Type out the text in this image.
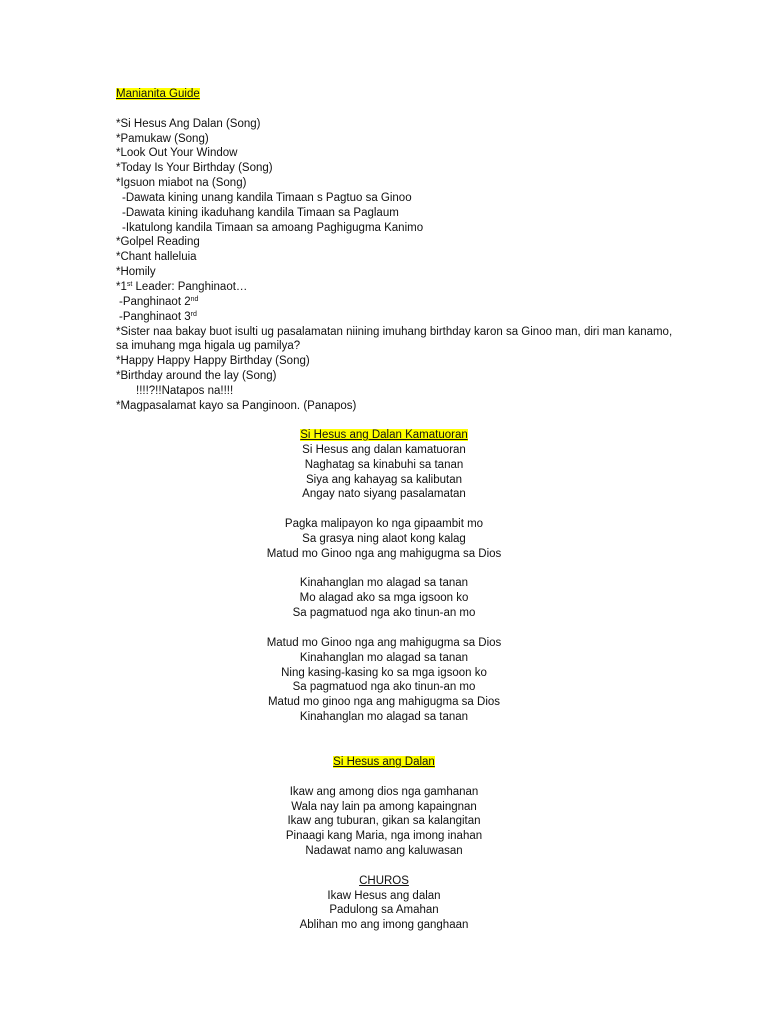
Manianita Guide
*Si Hesus Ang Dalan (Song)
*Pamukaw (Song)
*Look Out Your Window
*Today Is Your Birthday (Song)
*Igsuon miabot na (Song)
-Dawata kining unang kandila Timaan s Pagtuo sa Ginoo
-Dawata kining ikaduhang kandila Timaan sa Paglaum
-Ikatulong kandila Timaan sa amoang Paghigugma Kanimo
*Golpel Reading
*Chant halleluia
*Homily
*1st Leader: Panghinaot…
-Panghinaot 2nd
-Panghinaot 3rd
*Sister naa bakay buot isulti ug pasalamatan niining imuhang birthday karon sa Ginoo man, diri man kanamo, sa imuhang mga higala ug pamilya?
*Happy Happy Happy Birthday (Song)
*Birthday around the lay (Song)
!!!!?!!Natapos na!!!!
*Magpasalamat kayo sa Panginoon. (Panapos)
Si Hesus ang Dalan Kamatuoran
Si Hesus ang dalan kamatuoran
Naghatag sa kinabuhi sa tanan
Siya ang kahayag sa kalibutan
Angay nato siyang pasalamatan
Pagka malipayon ko nga gipaambit mo
Sa grasya ning alaot kong kalag
Matud mo Ginoo nga ang mahigugma sa Dios
Kinahanglan mo alagad sa tanan
Mo alagad ako sa mga igsoon ko
Sa pagmatuod nga ako tinun-an mo
Matud mo Ginoo nga ang mahigugma sa Dios
Kinahanglan mo alagad sa tanan
Ning kasing-kasing ko sa mga igsoon ko
Sa pagmatuod nga ako tinun-an mo
Matud mo ginoo nga ang mahigugma sa Dios
Kinahanglan mo alagad sa tanan
Si Hesus ang Dalan
Ikaw ang among dios nga gamhanan
Wala nay lain pa among kapaingnan
Ikaw ang tuburan, gikan sa kalangitan
Pinaagi kang Maria, nga imong inahan
Nadawat namo ang kaluwasan
CHUROS
Ikaw Hesus ang dalan
Padulong sa Amahan
Ablihan mo ang imong ganghaan
